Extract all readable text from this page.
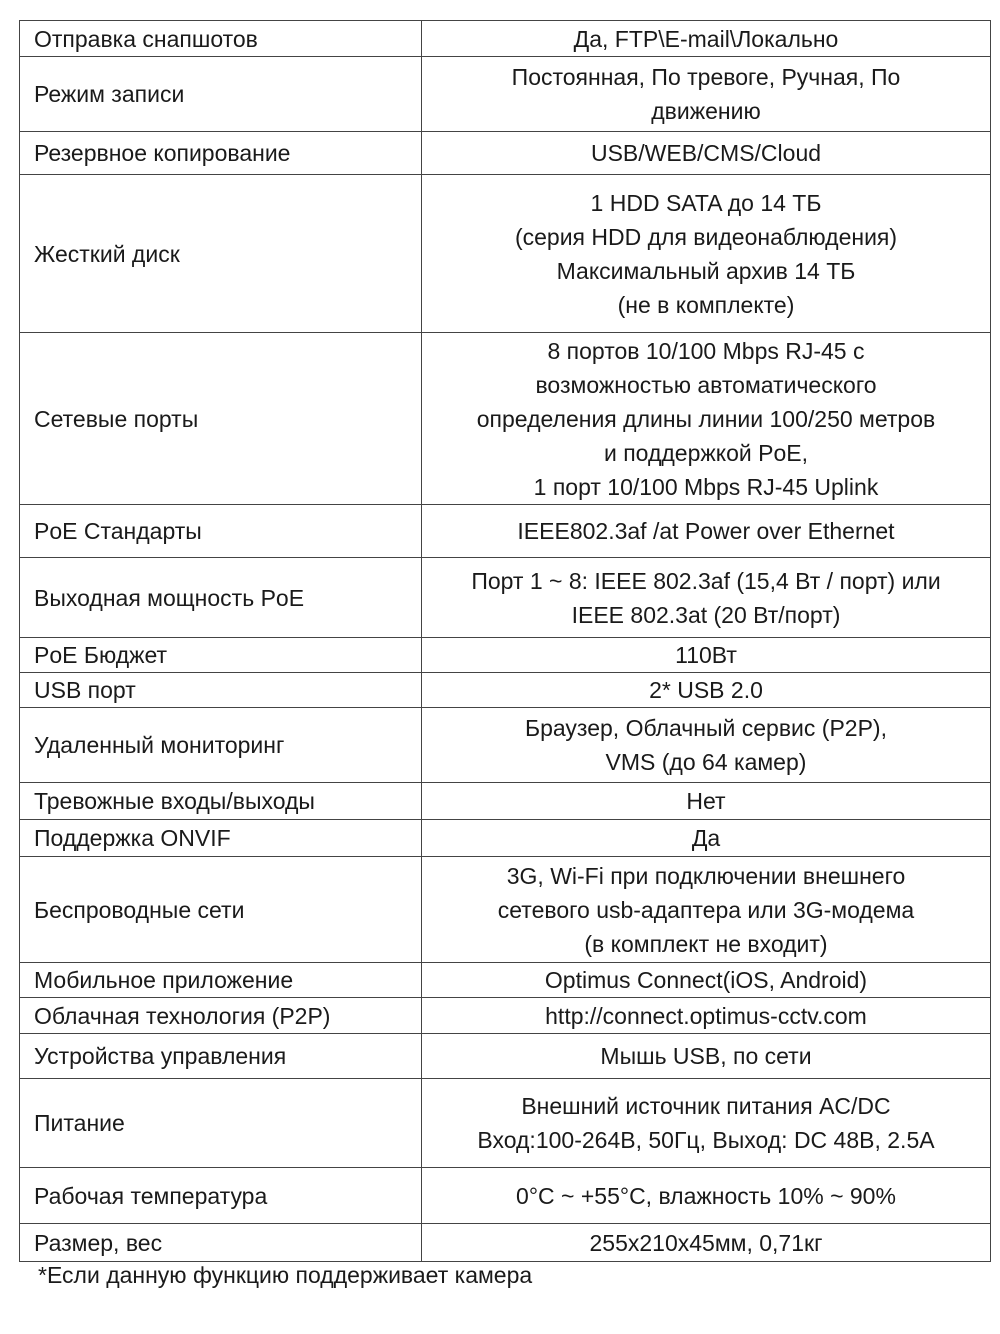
Отправка снапшотов	Да, FTP\E-mail\Локально

Режим записи	Постоянная, По тревоге, Ручная, По
движению

Резервное копирование	USB/WEB/CMS/Cloud

Жесткий диск	1 HDD SATA до 14 ТБ
(серия HDD для видеонаблюдения)
Максимальный архив 14 ТБ
(не в комплекте)

Сетевые порты	8 портов 10/100 Mbps RJ-45 с
возможностью автоматического
определения длины линии 100/250 метров
и поддержкой PoE,
1 порт 10/100 Mbps RJ-45 Uplink

PoE Стандарты	IEEE802.3af /at Power over Ethernet

Выходная мощность PoE	Порт 1 ~ 8: IEEE 802.3af (15,4 Вт / порт) или
IEEE 802.3at (20 Вт/порт)

PoE Бюджет	110Вт

USB порт	2* USB 2.0

Удаленный мониторинг	Браузер, Облачный сервис (P2P),
VMS (до 64 камер)

Тревожные входы/выходы	Нет

Поддержка ONVIF	Да

Беспроводные сети	3G, Wi-Fi при подключении внешнего
сетевого usb-адаптера или 3G-модема
(в комплект не входит)

Мобильное приложение	Optimus Connect(iOS, Android)

Облачная технология (P2P)	http://connect.optimus-cctv.com

Устройства управления	Мышь USB, по сети

Питание	Внешний источник питания AC/DC
Вход:100-264В, 50Гц, Выход: DC 48В, 2.5А

Рабочая температура	0°C ~ +55°C, влажность 10% ~ 90%

Размер, вес	255x210x45мм, 0,71кг
*Если данную функцию поддерживает камера
